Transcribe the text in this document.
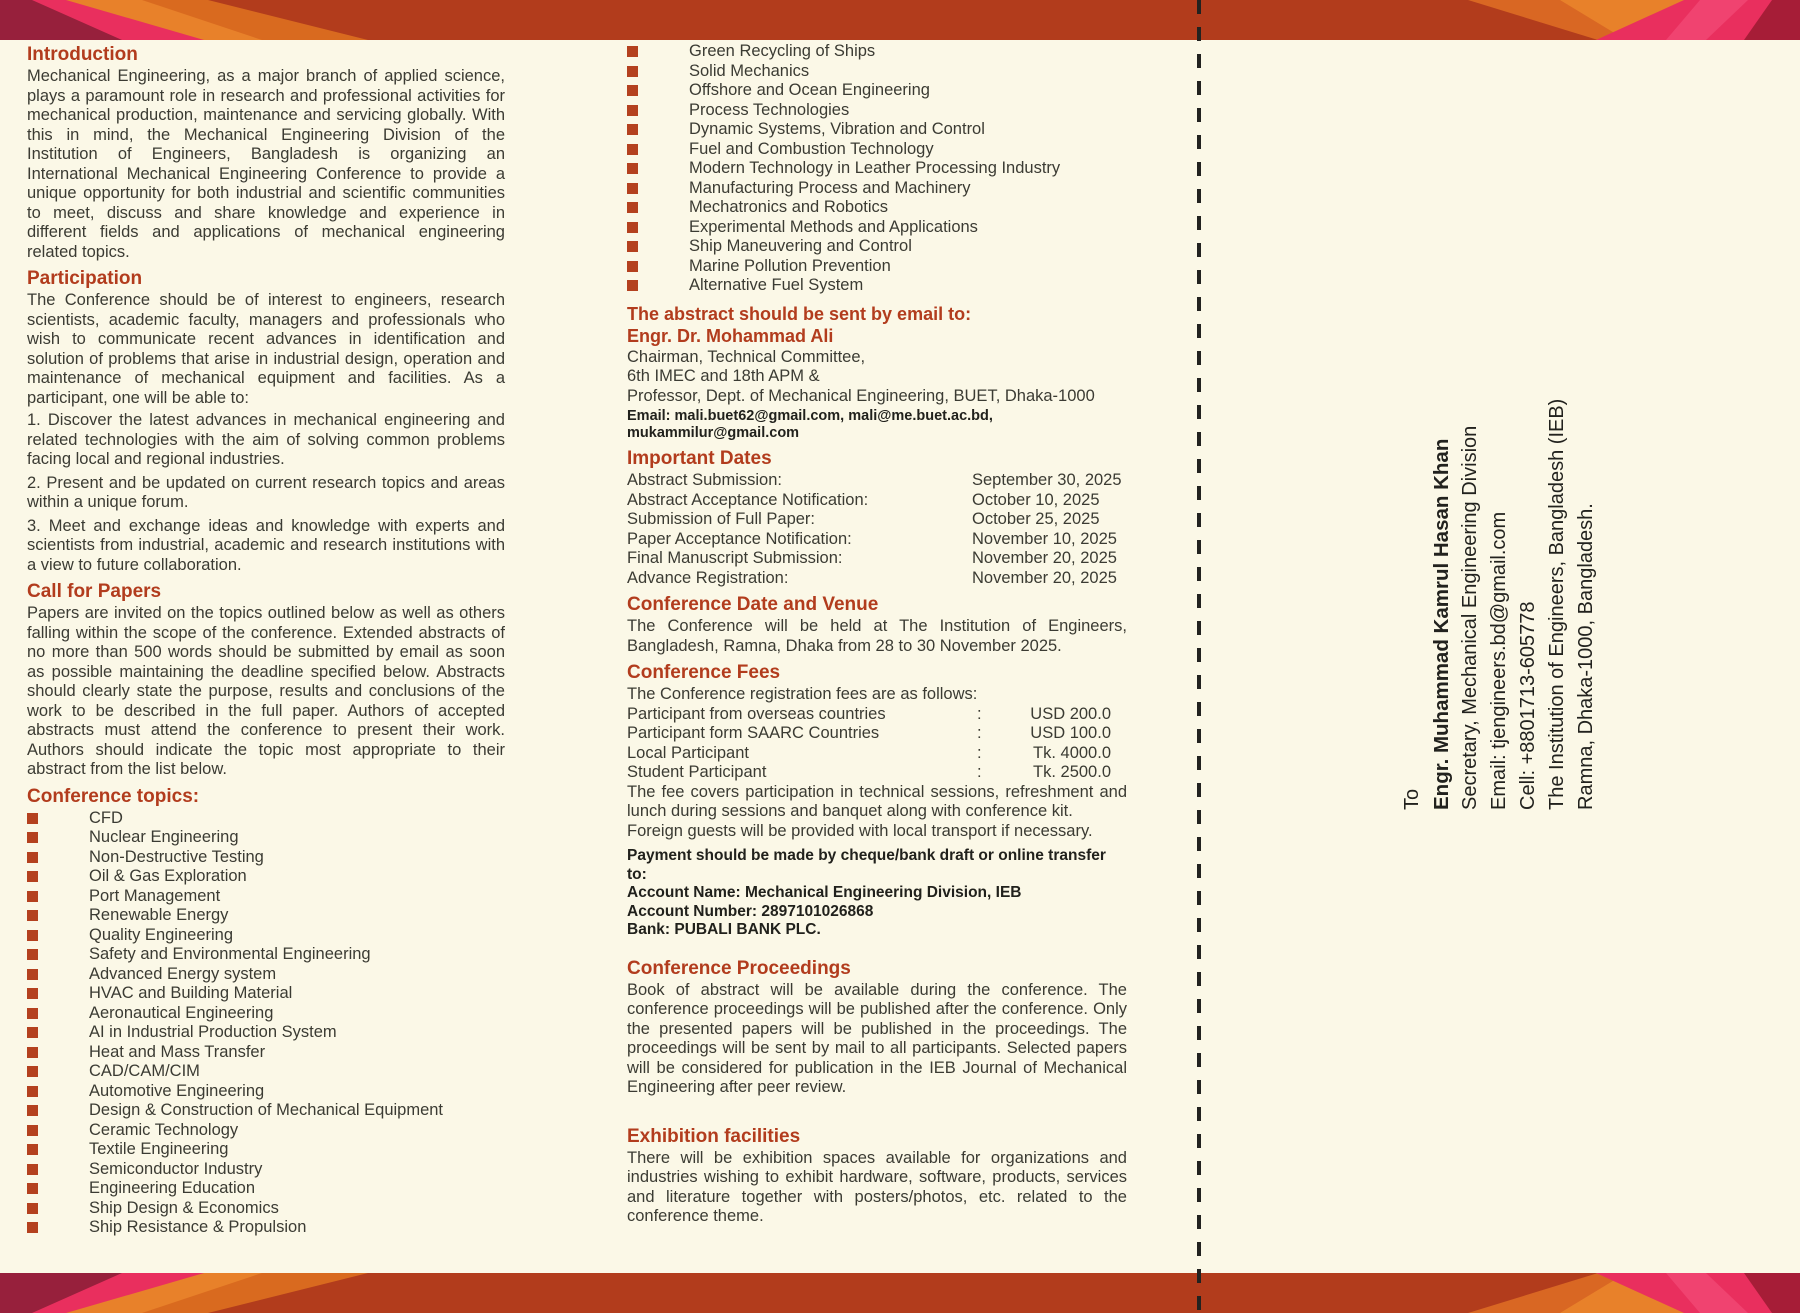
Introduction

Mechanical Engineering, as a major branch of applied science, plays a paramount role in research and professional activities for mechanical production, maintenance and servicing globally. With this in mind, the Mechanical Engineering Division of the Institution of Engineers, Bangladesh is organizing an International Mechanical Engineering Conference to provide a unique opportunity for both industrial and scientific communities to meet, discuss and share knowledge and experience in different fields and applications of mechanical engineering related topics.

Participation

The Conference should be of interest to engineers, research scientists, academic faculty, managers and professionals who wish to communicate recent advances in identification and solution of problems that arise in industrial design, operation and maintenance of mechanical equipment and facilities. As a participant, one will be able to:

1. Discover the latest advances in mechanical engineering and related technologies with the aim of solving common problems facing local and regional industries.

2. Present and be updated on current research topics and areas within a unique forum.

3. Meet and exchange ideas and knowledge with experts and scientists from industrial, academic and research institutions with a view to future collaboration.

Call for Papers

Papers are invited on the topics outlined below as well as others falling within the scope of the conference. Extended abstracts of no more than 500 words should be submitted by email as soon as possible maintaining the deadline specified below. Abstracts should clearly state the purpose, results and conclusions of the work to be described in the full paper. Authors of accepted abstracts must attend the conference to present their work. Authors should indicate the topic most appropriate to their abstract from the list below.

Conference topics:
CFD
Nuclear Engineering
Non-Destructive Testing
Oil & Gas Exploration
Port Management
Renewable Energy
Quality Engineering
Safety and Environmental Engineering
Advanced Energy system
HVAC and Building Material
Aeronautical Engineering
AI in Industrial Production System
Heat and Mass Transfer
CAD/CAM/CIM
Automotive Engineering
Design & Construction of Mechanical Equipment
Ceramic Technology
Textile Engineering
Semiconductor Industry
Engineering Education
Ship Design & Economics
Ship Resistance & Propulsion
Green Recycling of Ships
Solid Mechanics
Offshore and Ocean Engineering
Process Technologies
Dynamic Systems, Vibration and Control
Fuel and Combustion Technology
Modern Technology in Leather Processing Industry
Manufacturing Process and Machinery
Mechatronics and Robotics
Experimental Methods and Applications
Ship Maneuvering and Control
Marine Pollution Prevention
Alternative Fuel System
The abstract should be sent by email to:
Engr. Dr. Mohammad Ali

Chairman, Technical Committee,

6th IMEC and 18th APM &

Professor, Dept. of Mechanical Engineering, BUET, Dhaka-1000

Email: mali.buet62@gmail.com, mali@me.buet.ac.bd, mukammilur@gmail.com

Important Dates
Abstract Submission:	September 30, 2025
Abstract Acceptance Notification:	October 10, 2025
Submission of Full Paper:	October 25, 2025
Paper Acceptance Notification:	November 10, 2025
Final Manuscript Submission:	November 20, 2025
Advance Registration:	November 20, 2025
Conference Date and Venue

The Conference will be held at The Institution of Engineers, Bangladesh, Ramna, Dhaka from 28 to 30 November 2025.

Conference Fees

The Conference registration fees are as follows:

Participant from overseas countries	:	USD 200.0
Participant form SAARC Countries	:	USD 100.0
Local Participant	:	Tk. 4000.0
Student Participant	:	Tk. 2500.0

The fee covers participation in technical sessions, refreshment and lunch during sessions and banquet along with conference kit.

Foreign guests will be provided with local transport if necessary.

Payment should be made by cheque/bank draft or online transfer to:
Account Name: Mechanical Engineering Division, IEB
Account Number: 2897101026868
Bank: PUBALI BANK PLC.
Conference Proceedings

Book of abstract will be available during the conference. The conference proceedings will be published after the conference. Only the presented papers will be published in the proceedings. The proceedings will be sent by mail to all participants. Selected papers will be considered for publication in the IEB Journal of Mechanical Engineering after peer review.

Exhibition facilities

There will be exhibition spaces available for organizations and industries wishing to exhibit hardware, software, products, services and literature together with posters/photos, etc. related to the conference theme.

To Engr. Muhammad Kamrul Hasan Khan Secretary, Mechanical Engineering Division Email: tjengineers.bd@gmail.com Cell: +8801713-605778 The Institution of Engineers, Bangladesh (IEB) Ramna, Dhaka-1000, Bangladesh.
